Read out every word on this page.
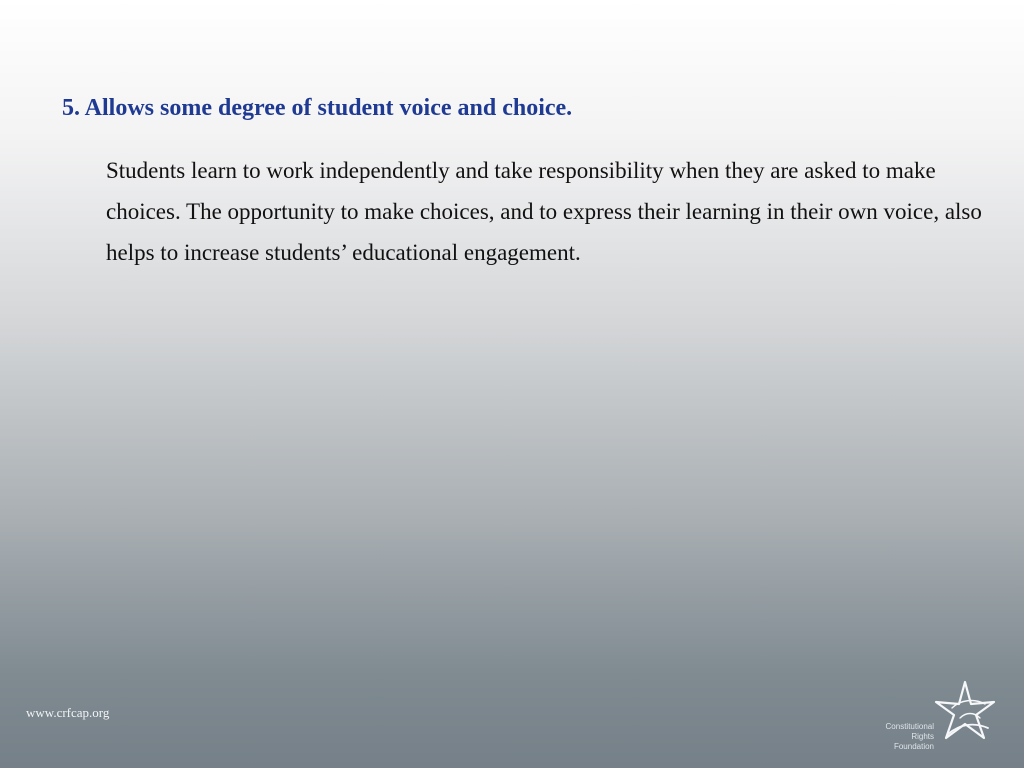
5. Allows some degree of student voice and choice.

Students learn to work independently and take responsibility when they are asked to make choices. The opportunity to make choices, and to express their learning in their own voice, also helps to increase students’ educational engagement.

www.crfcap.org
Constitutional
Rights
Foundation
